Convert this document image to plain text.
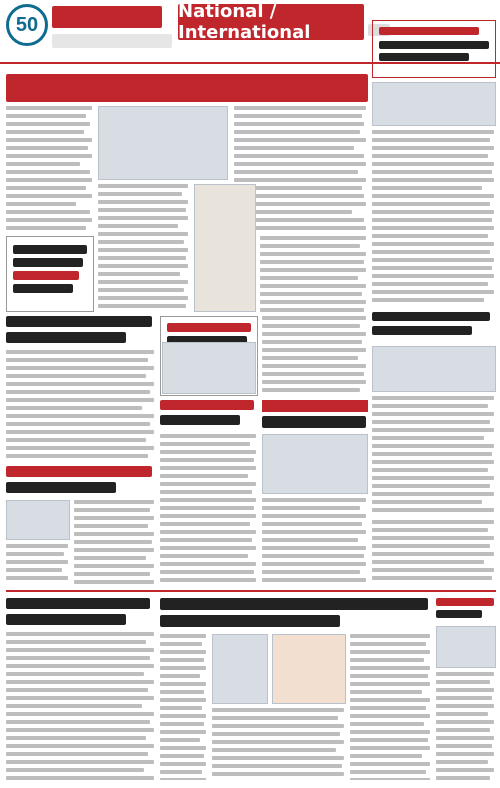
50
National / International
